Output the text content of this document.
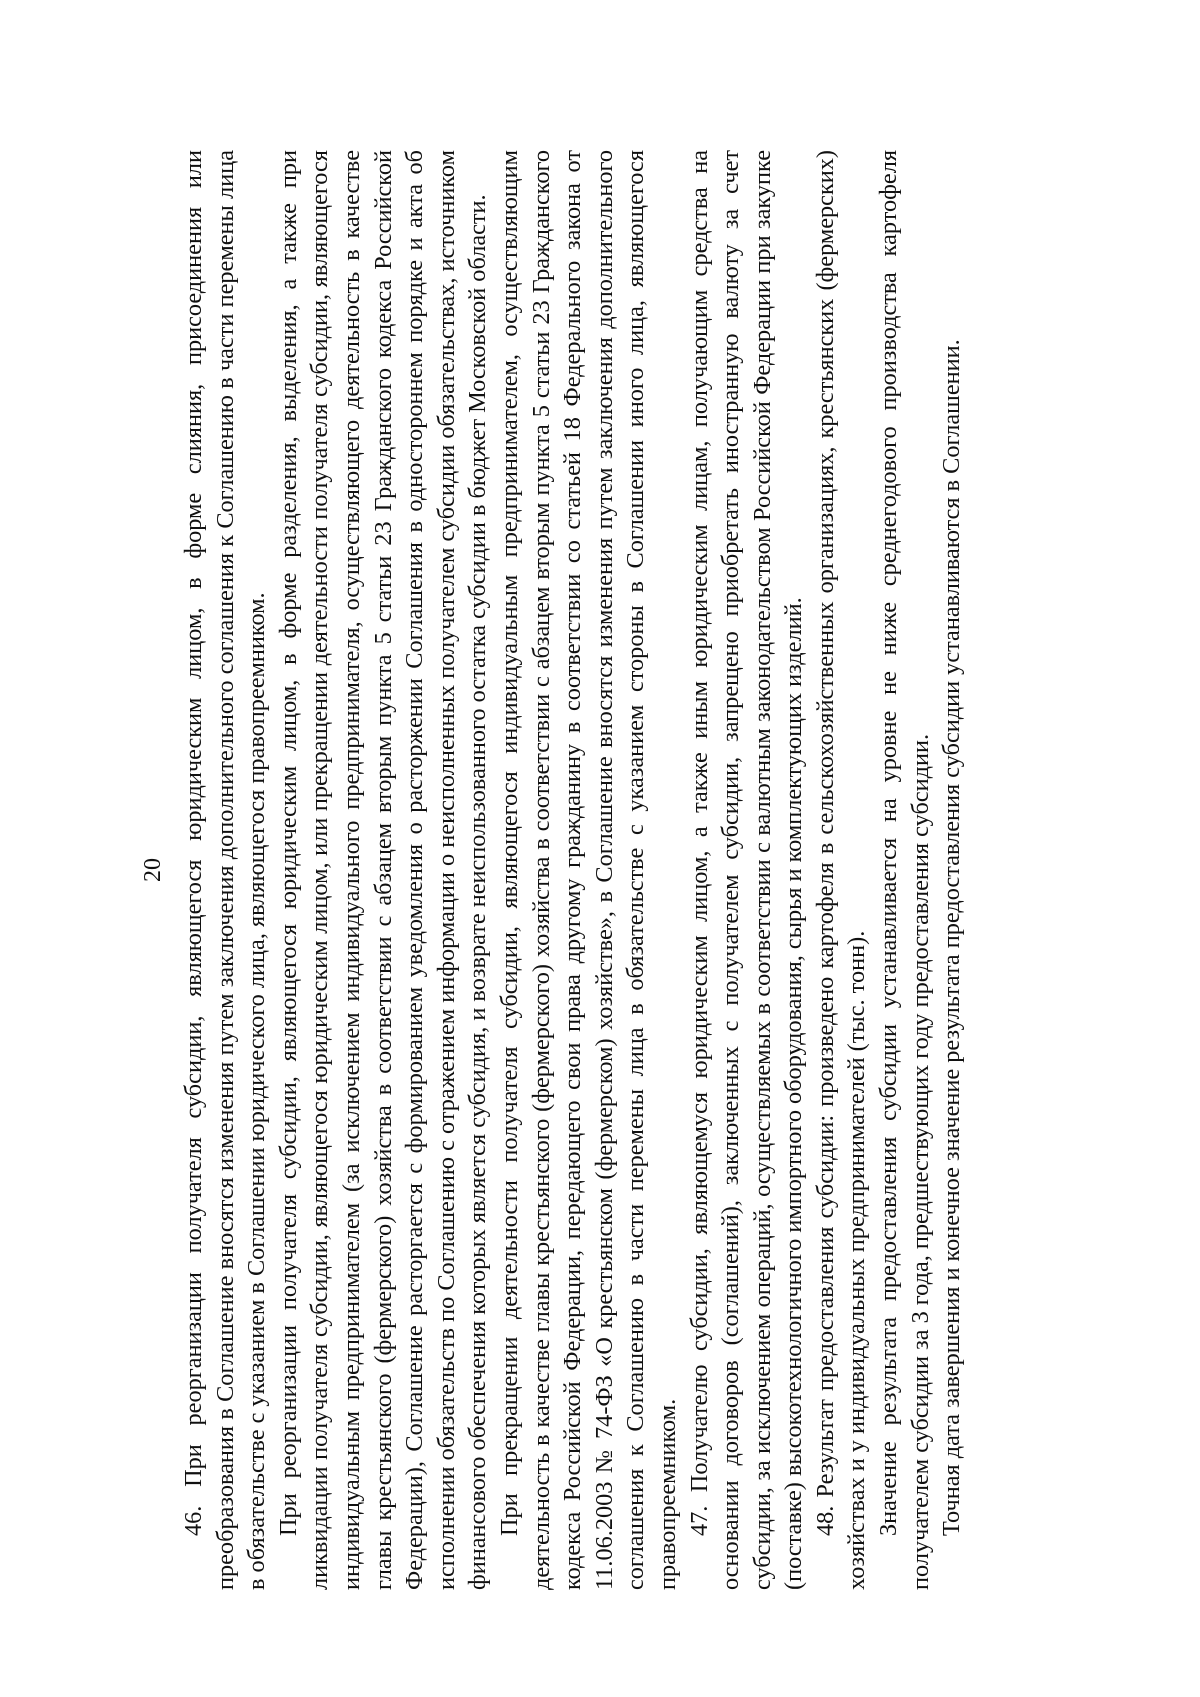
20 46. При реорганизации получателя субсидии, являющегося юридическим лицом, в форме слияния, присоединения или преобразования в Соглашение вносятся изменения путем заключения дополнительного соглашения к Соглашению в части перемены лица в обязательстве с указанием в Соглашении юридического лица, являющегося правопреемником. При реорганизации получателя субсидии, являющегося юридическим лицом, в форме разделения, выделения, а также при ликвидации получателя субсидии, являющегося юридическим лицом, или прекращении деятельности получателя субсидии, являющегося индивидуальным предпринимателем (за исключением индивидуального предпринимателя, осуществляющего деятельность в качестве главы крестьянского (фермерского) хозяйства в соответствии с абзацем вторым пункта 5 статьи 23 Гражданского кодекса Российской Федерации), Соглашение расторгается с формированием уведомления о расторжении Соглашения в одностороннем порядке и акта об исполнении обязательств по Соглашению с отражением информации о неисполненных получателем субсидии обязательствах, источником финансового обеспечения которых является субсидия, и возврате неиспользованного остатка субсидии в бюджет Московской области. При прекращении деятельности получателя субсидии, являющегося индивидуальным предпринимателем, осуществляющим деятельность в качестве главы крестьянского (фермерского) хозяйства в соответствии с абзацем вторым пункта 5 статьи 23 Гражданского кодекса Российской Федерации, передающего свои права другому гражданину в соответствии со статьей 18 Федерального закона от 11.06.2003 № 74-ФЗ «О крестьянском (фермерском) хозяйстве», в Соглашение вносятся изменения путем заключения дополнительного соглашения к Соглашению в части перемены лица в обязательстве с указанием стороны в Соглашении иного лица, являющегося правопреемником. 47. Получателю субсидии, являющемуся юридическим лицом, а также иным юридическим лицам, получающим средства на основании договоров (соглашений), заключенных с получателем субсидии, запрещено приобретать иностранную валюту за счет субсидии, за исключением операций, осуществляемых в соответствии с валютным законодательством Российской Федерации при закупке (поставке) высокотехнологичного импортного оборудования, сырья и комплектующих изделий. 48. Результат предоставления субсидии: произведено картофеля в сельскохозяйственных организациях, крестьянских (фермерских) хозяйствах и у индивидуальных предпринимателей (тыс. тонн). Значение результата предоставления субсидии устанавливается на уровне не ниже среднегодового производства картофеля получателем субсидии за 3 года, предшествующих году предоставления субсидии. Точная дата завершения и конечное значение результата предоставления субсидии устанавливаются в Соглашении.
